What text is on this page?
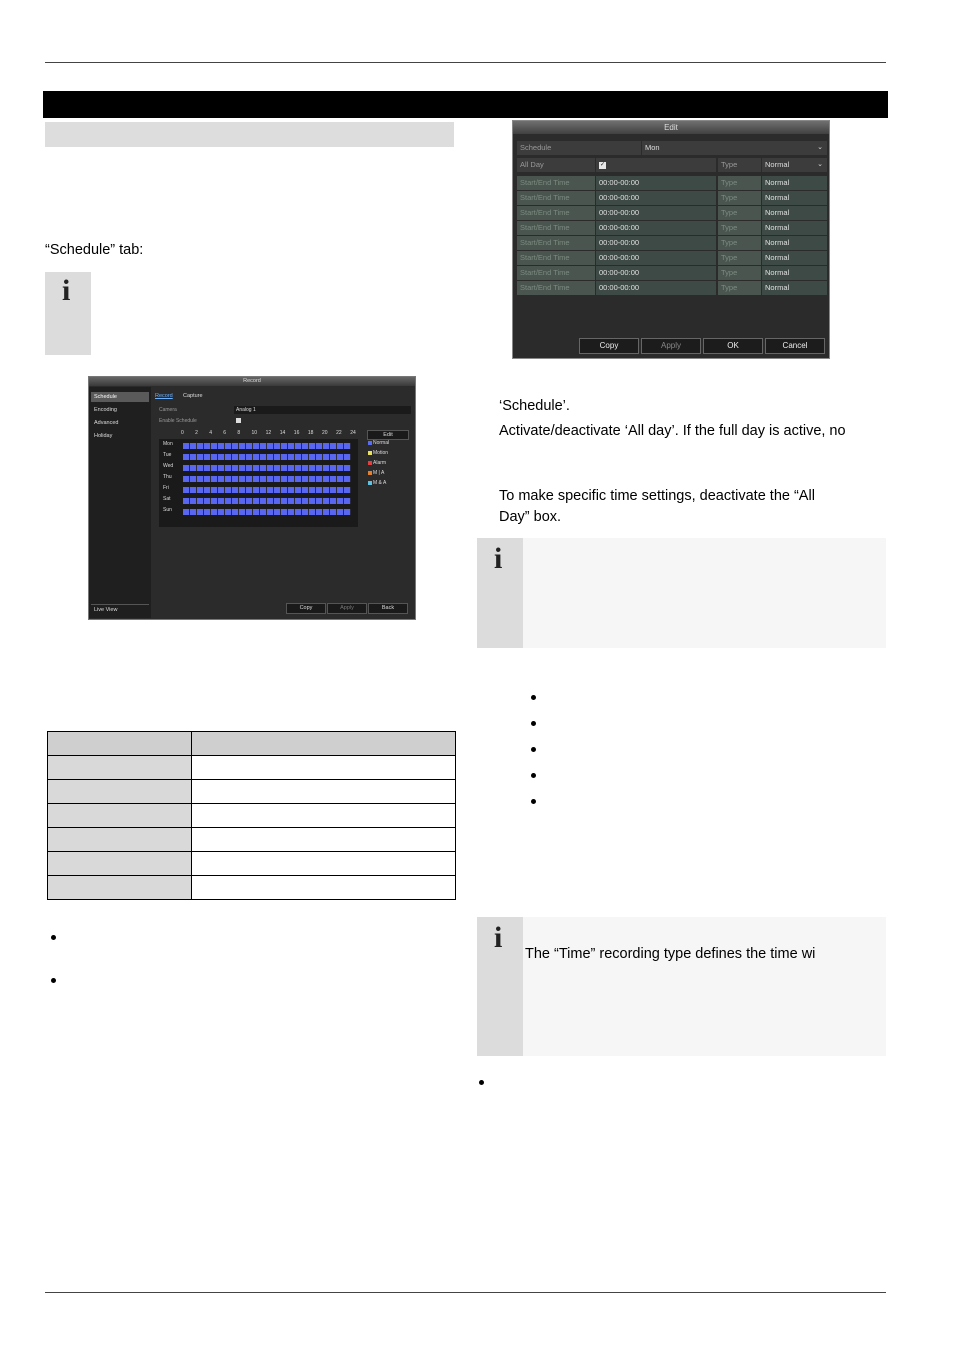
“Schedule” tab:
i
Record
Schedule
Encoding
Advanced
Holiday
Live View
Record Capture
Camera	Analog 1
Enable Schedule
0 2 4 6 8 10 12 14 16 18 20 22 24
Mon
Tue
Wed
Thu
Fri
Sat
Sun
Edit
Normal
Motion
Alarm
M | A
M & A
Copy	Apply	Back

Edit
Schedule	Mon	⌄
All Day	✓	Type	Normal	⌄
Start/End Time	00:00-00:00	Type	Normal
Start/End Time	00:00-00:00	Type	Normal
Start/End Time	00:00-00:00	Type	Normal
Start/End Time	00:00-00:00	Type	Normal
Start/End Time	00:00-00:00	Type	Normal
Start/End Time	00:00-00:00	Type	Normal
Start/End Time	00:00-00:00	Type	Normal
Start/End Time	00:00-00:00	Type	Normal
Copy	Apply	OK	Cancel
‘Schedule’.
Activate/deactivate ‘All day’. If the full day is active, no
To make specific time settings, deactivate the “All
Day” box.
i
i The “Time” recording type defines the time wi
